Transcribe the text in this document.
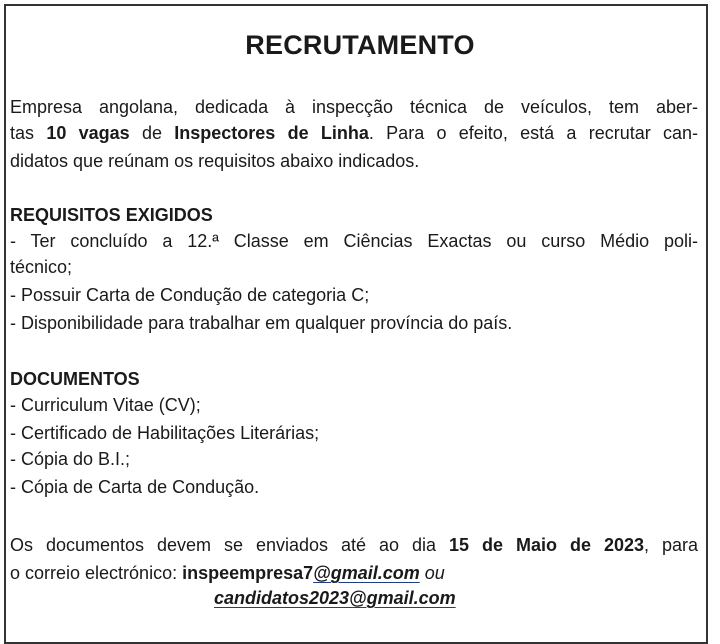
RECRUTAMENTO
Empresa angolana, dedicada à inspecção técnica de veículos, tem aber-
tas 10 vagas de Inspectores de Linha. Para o efeito, está a recrutar can-
didatos que reúnam os requisitos abaixo indicados.
REQUISITOS EXIGIDOS
- Ter concluído a 12.ª Classe em Ciências Exactas ou curso Médio poli-
técnico;
- Possuir Carta de Condução de categoria C;
- Disponibilidade para trabalhar em qualquer província do país.
DOCUMENTOS
- Curriculum Vitae (CV);
- Certificado de Habilitações Literárias;
- Cópia do B.I.;
- Cópia de Carta de Condução.
Os documentos devem se enviados até ao dia 15 de Maio de 2023, para
o correio electrónico: inspeempresa7@gmail.com ou
candidatos2023@gmail.com
